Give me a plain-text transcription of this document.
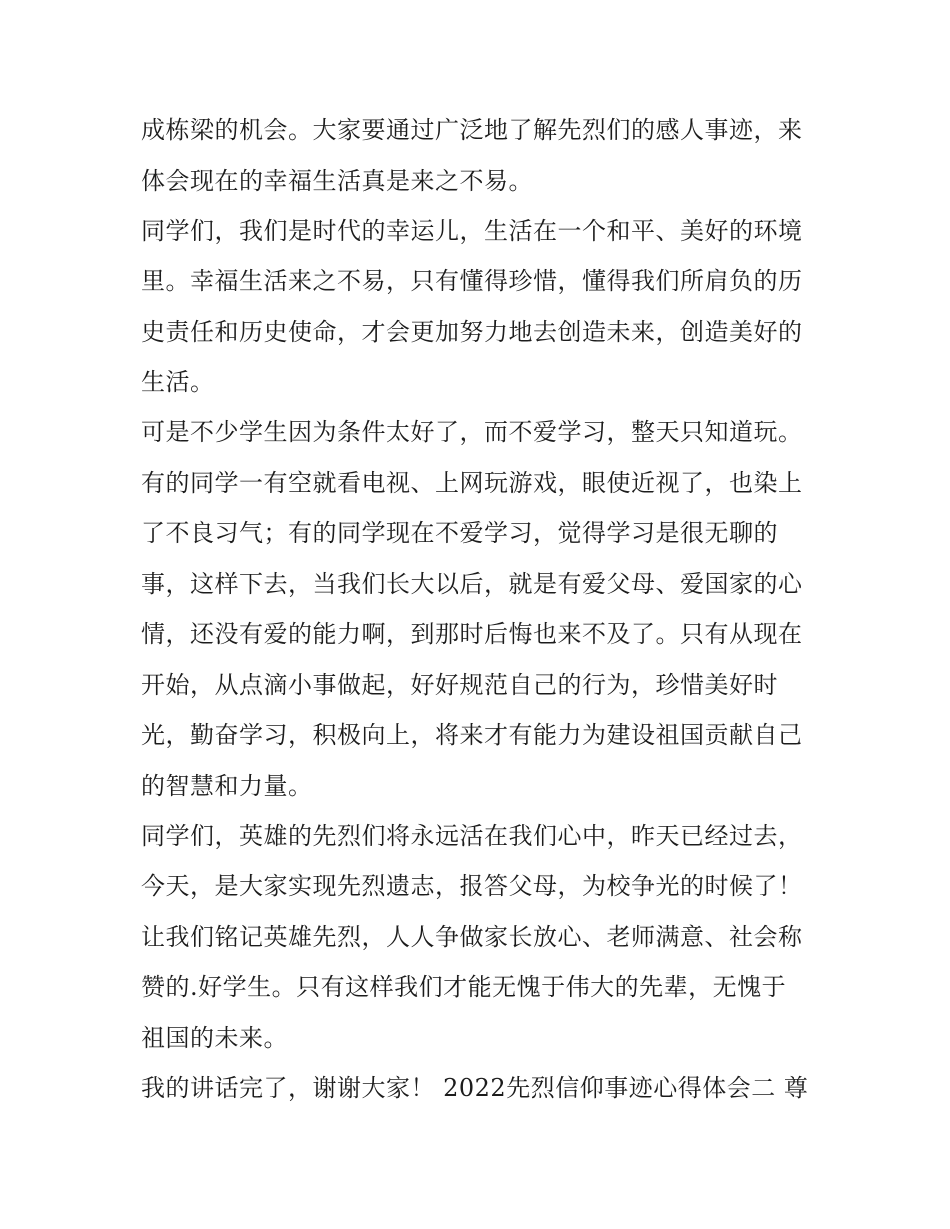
成栋梁的机会。大家要通过广泛地了解先烈们的感人事迹，来
体会现在的幸福生活真是来之不易。
同学们，我们是时代的幸运儿，生活在一个和平、美好的环境
里。幸福生活来之不易，只有懂得珍惜，懂得我们所肩负的历
史责任和历史使命，才会更加努力地去创造未来，创造美好的
生活。
可是不少学生因为条件太好了，而不爱学习，整天只知道玩。
有的同学一有空就看电视、上网玩游戏，眼使近视了，也染上
了不良习气；有的同学现在不爱学习，觉得学习是很无聊的
事，这样下去，当我们长大以后，就是有爱父母、爱国家的心
情，还没有爱的能力啊，到那时后悔也来不及了。只有从现在
开始，从点滴小事做起，好好规范自己的行为，珍惜美好时
光，勤奋学习，积极向上，将来才有能力为建设祖国贡献自己
的智慧和力量。
同学们，英雄的先烈们将永远活在我们心中，昨天已经过去，
今天，是大家实现先烈遗志，报答父母，为校争光的时候了！
让我们铭记英雄先烈，人人争做家长放心、老师满意、社会称
赞的.好学生。只有这样我们才能无愧于伟大的先辈，无愧于
祖国的未来。
我的讲话完了，谢谢大家！ 2022先烈信仰事迹心得体会二 尊
